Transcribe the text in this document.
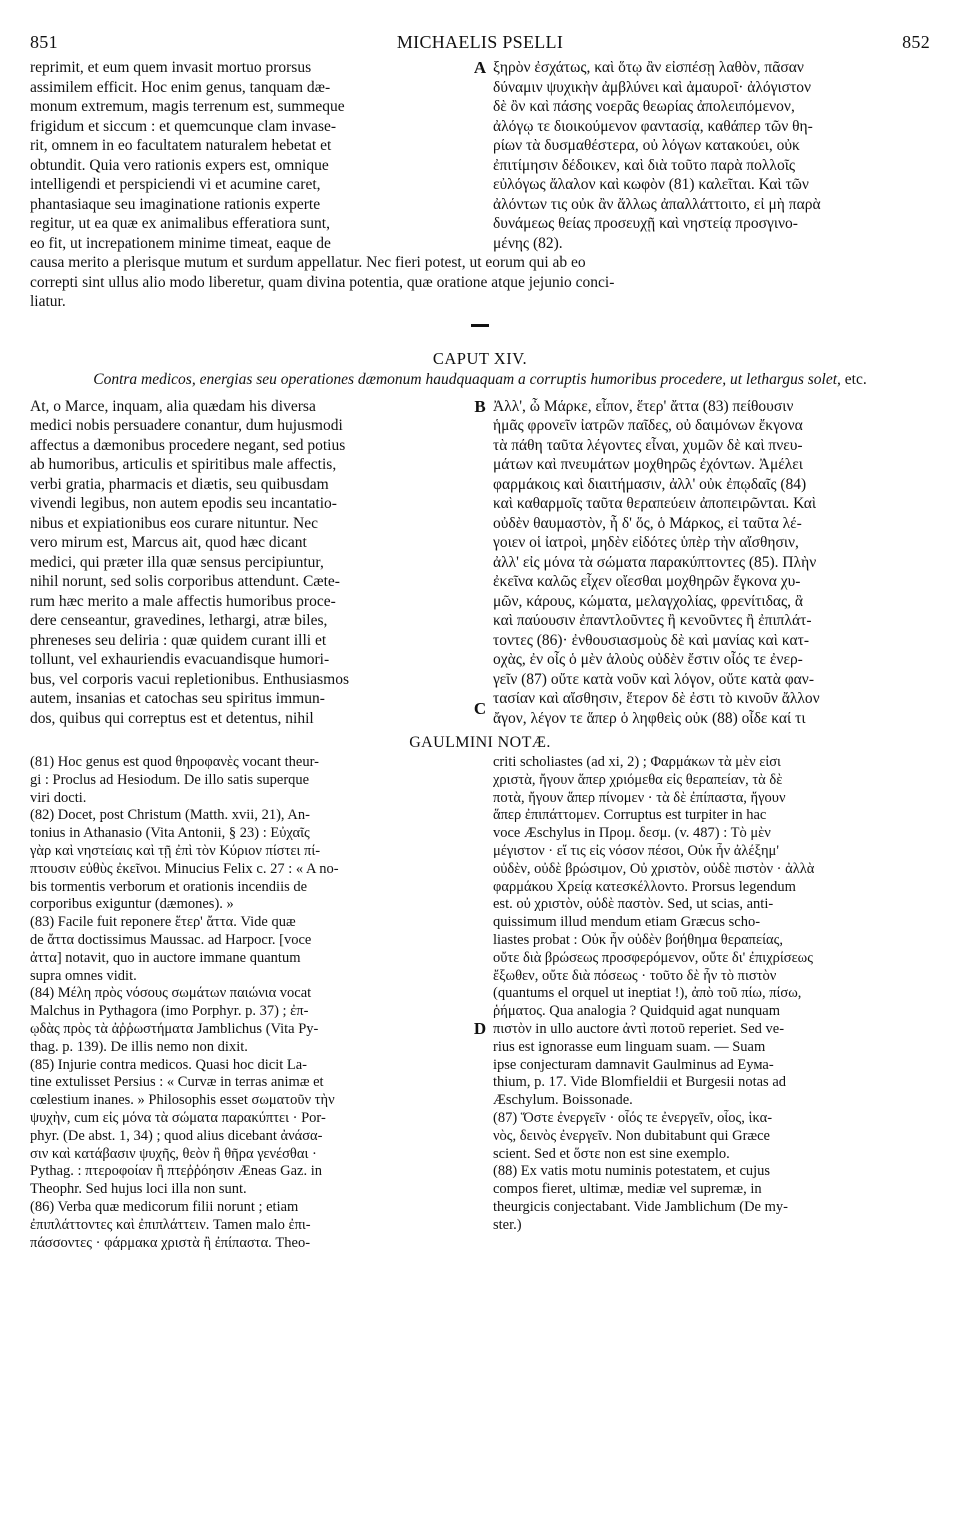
851	MICHAELIS PSELLI	852
reprimit, et eum quem invasit mortuo prorsus
assimilem efficit. Hoc enim genus, tanquam dæ-
monum extremum, magis terrenum est, summeque
frigidum et siccum : et quemcunque clam invase-
rit, omnem in eo facultatem naturalem hebetat et
obtundit. Quia vero rationis expers est, omnique
intelligendi et perspiciendi vi et acumine caret,
phantasiaque seu imaginatione rationis experte
regitur, ut ea quæ ex animalibus efferatiora sunt,
eo fit, ut increpationem minime timeat, eaque de
A ξηρὸν ἐσχάτως, καὶ ὅτῳ ἂν εἰσπέσῃ λαθὸν, πᾶσαν
δύναμιν ψυχικὴν ἀμβλύνει καὶ ἀμαυροῖ· ἀλόγιστον
δὲ ὂν καὶ πάσης νοερᾶς θεωρίας ἀπολειπόμενον,
ἀλόγῳ τε διοικούμενον φαντασίᾳ, καθάπερ τῶν θη-
ρίων τὰ δυσμαθέστερα, οὐ λόγων κατακούει, οὐκ
ἐπιτίμησιν δέδοικεν, καὶ διὰ τοῦτο παρὰ πολλοῖς
εὐλόγως ἄλαλον καὶ κωφὸν (81) καλεῖται. Καὶ τῶν
ἀλόντων τις οὐκ ἂν ἄλλως ἀπαλλάττοιτο, εἰ μὴ παρὰ
δυνάμεως θείας προσευχῇ καὶ νηστείᾳ προσγινο-
μένης (82).
causa merito a plerisque mutum et surdum appellatur. Nec fieri potest, ut eorum qui ab eo
correpti sint ullus alio modo liberetur, quam divina potentia, quæ oratione atque jejunio conci-
liatur.
CAPUT XIV.
Contra medicos, energias seu operationes dæmonum haudquaquam a corruptis humoribus procedere, ut lethargus solet, etc.
At, o Marce, inquam, alia quædam his diversa
medici nobis persuadere conantur, dum hujusmodi
affectus a dæmonibus procedere negant, sed potius
ab humoribus, articulis et spiritibus male affectis,
verbi gratia, pharmacis et diætis, seu quibusdam
vivendi legibus, non autem epodis seu incantatio-
nibus et expiationibus eos curare nituntur. Nec
vero mirum est, Marcus ait, quod hæc dicant
medici, qui præter illa quæ sensus percipiuntur,
nihil norunt, sed solis corporibus attendunt. Cæte-
rum hæc merito a male affectis humoribus proce-
dere censeantur, gravedines, lethargi, atræ biles,
phreneses seu deliria : quæ quidem curant illi et
tollunt, vel exhauriendis evacuandisque humori-
bus, vel corporis vacui repletionibus. Enthusiasmos
autem, insanias et catochas seu spiritus immun-
dos, quibus qui correptus est et detentus, nihil
B
C
Ἀλλ', ὦ Μάρκε, εἶπον, ἕτερ' ἄττα (83) πείθουσιν
ἡμᾶς φρονεῖν ἰατρῶν παῖδες, οὐ δαιμόνων ἔκγονα
τὰ πάθη ταῦτα λέγοντες εἶναι, χυμῶν δὲ καὶ πνευ-
μάτων καὶ πνευμάτων μοχθηρῶς ἐχόντων. Ἀμέλει
φαρμάκοις καὶ διαιτήμασιν, ἀλλ' οὐκ ἐπῳδαῖς (84)
καὶ καθαρμοῖς ταῦτα θεραπεύειν ἀποπειρῶνται. Καὶ
οὐδὲν θαυμαστὸν, ἦ δ' ὅς, ὁ Μάρκος, εἰ ταῦτα λέ-
γοιεν οἱ ἰατροὶ, μηδὲν εἰδότες ὑπὲρ τὴν αἴσθησιν,
ἀλλ' εἰς μόνα τὰ σώματα παρακύπτοντες (85). Πλὴν
ἐκεῖνα καλῶς εἶχεν οἴεσθαι μοχθηρῶν ἔγκονα χυ-
μῶν, κάρους, κώματα, μελαγχολίας, φρενίτιδας, ἃ
καὶ παύουσιν ἐπαντλοῦντες ἢ κενοῦντες ἢ ἐπιπλάτ-
τοντες (86)· ἐνθουσιασμοὺς δὲ καὶ μανίας καὶ κατ-
οχὰς, ἐν οἷς ὁ μὲν ἁλοὺς οὐδὲν ἔστιν οἷός τε ἐνερ-
γεῖν (87) οὔτε κατὰ νοῦν καὶ λόγον, οὔτε κατὰ φαν-
τασίαν καὶ αἴσθησιν, ἕτερον δὲ ἐστι τὸ κινοῦν ἄλλον
ἄγον, λέγον τε ἅπερ ὁ ληφθεὶς οὐκ (88) οἶδε καί τι
GAULMINI NOTÆ.
(81) Hoc genus est quod θηροφανὲς vocant theur-
gi : Proclus ad Hesiodum. De illo satis superque
viri docti.
(82) Docet, post Christum (Matth. xvii, 21), An-
tonius in Athanasio (Vita Antonii, § 23) : Εὐχαῖς
γὰρ καὶ νηστείαις καὶ τῇ ἐπὶ τὸν Κύριον πίστει πί-
πτουσιν εὐθὺς ἐκεῖνοι. Minucius Felix c. 27 : « A no-
bis tormentis verborum et orationis incendiis de
corporibus exiguntur (dæmones). »
(83) Facile fuit reponere ἕτερ' ἄττα. Vide quæ
de ἄττα doctissimus Maussac. ad Harpocr. [voce
ἀττα] notavit, quo in auctore immane quantum
supra omnes vidit.
(84) Μέλη πρὸς νόσους σωμάτων παιώνια vocat
Malchus in Pythagora (imo Porphyr. p. 37) ; ἐπ-
ῳδὰς πρὸς τὰ ἀῤῥωστήματα Jamblichus (Vita Py-
thag. p. 139). De illis nemo non dixit.
(85) Injurie contra medicos. Quasi hoc dicit La-
tine extulisset Persius : « Curvæ in terras animæ et
cœlestium inanes. » Philosophis esset σωματοῦν τὴν
ψυχὴν, cum εἰς μόνα τὰ σώματα παρακύπτει · Por-
phyr. (De abst. 1, 34) ; quod alius dicebant ἀνάσα-
σιν καὶ κατάβασιν ψυχῆς, θεὸν ἢ θῆρα γενέσθαι ·
Pythag. : πτεροφοίαν ἢ πτεῤῥόησιν Æneas Gaz. in
Theophr. Sed hujus loci illa non sunt.
(86) Verba quæ medicorum filii norunt ; etiam
ἐπιπλάττοντες καὶ ἐπιπλάττειν. Tamen malo ἐπι-
πάσσοντες · φάρμακα χριστὰ ἢ ἐπίπαστα. Theo-
D
criti scholiastes (ad xi, 2) ; Φαρμάκων τὰ μὲν εἰσι
χριστὰ, ἤγουν ἅπερ χριόμεθα εἰς θεραπείαν, τὰ δὲ
ποτὰ, ἤγουν ἅπερ πίνομεν · τὰ δὲ ἐπίπαστα, ἤγουν
ἅπερ ἐπιπάττομεν. Corruptus est turpiter in hac
voce Æschylus in Προμ. δεσμ. (v. 487) : Τὸ μὲν
μέγιστον · εἴ τις εἰς νόσον πέσοι, Οὐκ ἦν ἀλέξημ'
οὐδὲν, οὐδὲ βρώσιμον, Οὐ χριστὸν, οὐδὲ πιστὸν · ἀλλὰ
φαρμάκου Χρείᾳ κατεσκέλλοντο. Prorsus legendum
est. οὐ χριστὸν, οὐδὲ παστὸν. Sed, ut scias, anti-
quissimum illud mendum etiam Græcus scho-
liastes probat : Οὐκ ἦν οὐδὲν βοήθημα θεραπείας,
οὔτε διὰ βρώσεως προσφερόμενον, οὔτε δι' ἐπιχρίσεως
ἔξωθεν, οὔτε διὰ πόσεως · τοῦτο δὲ ἦν τὸ πιστὸν
(quantums el orquel ut ineptiat !), ἀπὸ τοῦ πίω, πίσω,
ῥήματος. Qua analogia ? Quidquid agat nunquam
πιστὸν in ullo auctore ἀντὶ ποτοῦ reperiet. Sed ve-
rius est ignorasse eum linguam suam. — Suam
ipse conjecturam damnavit Gaulminus ad Eума-
thium, p. 17. Vide Blomfieldii et Burgesii notas ad
Æschylum. Boissonade.
(87) Ὅστε ἐνεργεῖν · οἷός τε ἐνεργεῖν, οἷος, ἱκα-
νὸς, δεινὸς ἐνεργεῖν. Non dubitabunt qui Græce
scient. Sed et ὅστε non est sine exemplo.
(88) Ex vatis motu numinis potestatem, et cujus
compos fieret, ultimæ, mediæ vel supremæ, in
theurgicis conjectabant. Vide Jamblichum (De my-
ster.)
